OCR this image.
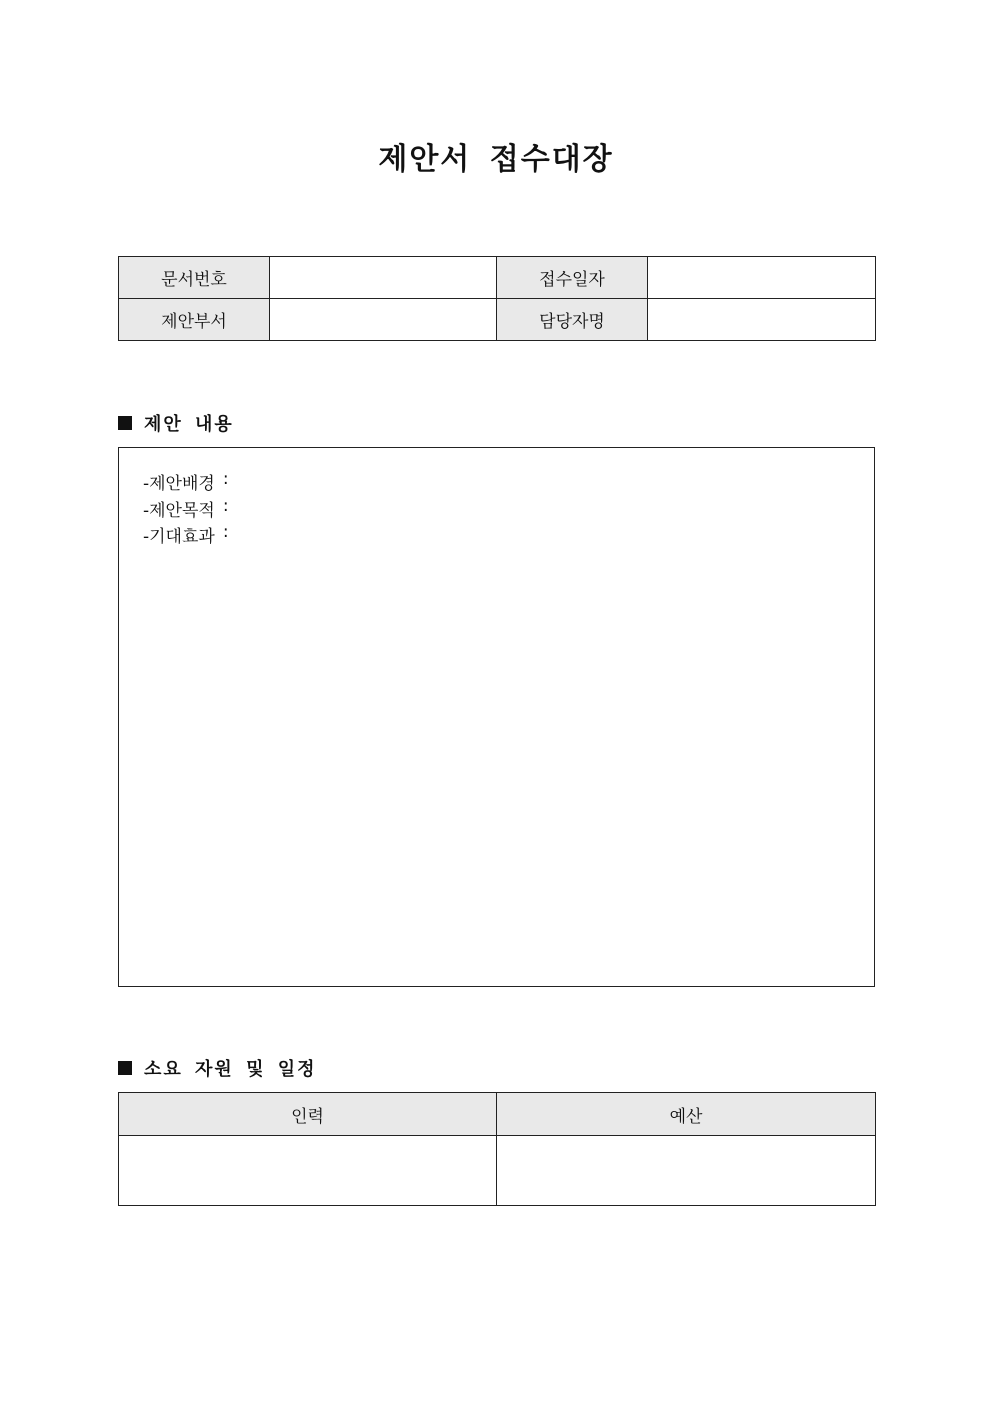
제안서 접수대장
문서번호		접수일자	
제안부서		담당자명	
제안 내용
-제안배경 :
-제안목적 :
-기대효과 :
소요 자원 및 일정
인력	예산
